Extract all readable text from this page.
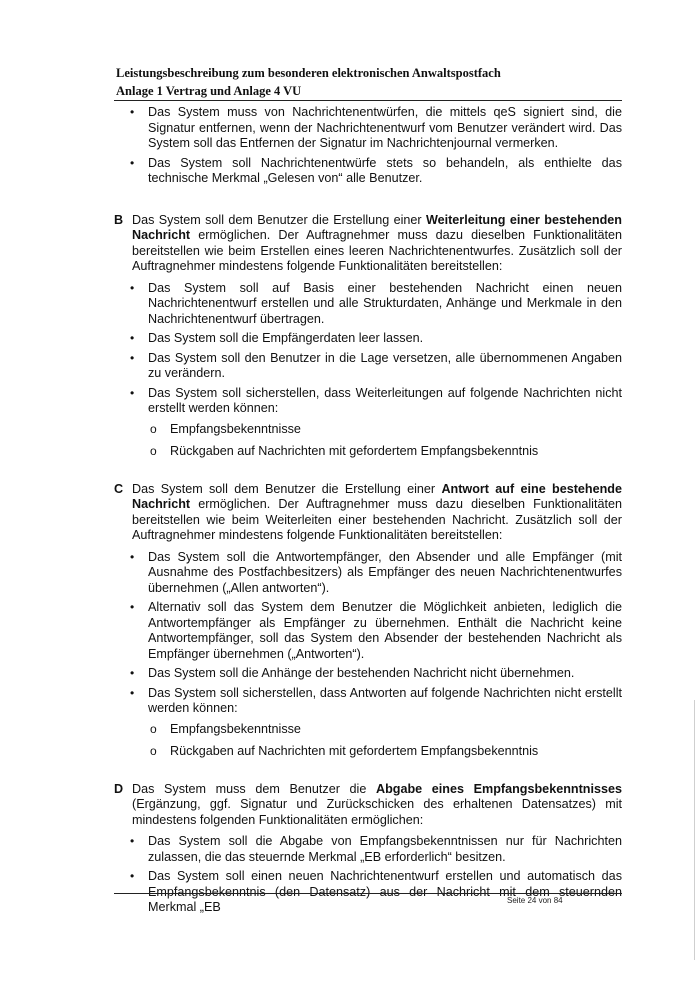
Leistungsbeschreibung zum besonderen elektronischen Anwaltspostfach
Anlage 1 Vertrag und Anlage 4 VU
•	Das System muss von Nachrichtenentwürfen, die mittels qeS signiert sind, die Signatur entfernen, wenn der Nachrichtenentwurf vom Benutzer verändert wird. Das System soll das Entfernen der Signatur im Nachrichtenjournal vermerken.
•	Das System soll Nachrichtenentwürfe stets so behandeln, als enthielte das technische Merkmal „Gelesen von“ alle Benutzer.
B Das System soll dem Benutzer die Erstellung einer Weiterleitung einer bestehenden Nachricht ermöglichen. Der Auftragnehmer muss dazu dieselben Funktionalitäten bereitstellen wie beim Erstellen eines leeren Nachrichtenentwurfes. Zusätzlich soll der Auftragnehmer mindestens folgende Funktionalitäten bereitstellen:
•	Das System soll auf Basis einer bestehenden Nachricht einen neuen Nachrichtenentwurf erstellen und alle Strukturdaten, Anhänge und Merkmale in den Nachrichtenentwurf übertragen.
•	Das System soll die Empfängerdaten leer lassen.
•	Das System soll den Benutzer in die Lage versetzen, alle übernommenen Angaben zu verändern.
•	Das System soll sicherstellen, dass Weiterleitungen auf folgende Nachrichten nicht erstellt werden können:
o Empfangsbekenntnisse
o Rückgaben auf Nachrichten mit gefordertem Empfangsbekenntnis
C Das System soll dem Benutzer die Erstellung einer Antwort auf eine bestehende Nachricht ermöglichen. Der Auftragnehmer muss dazu dieselben Funktionalitäten bereitstellen wie beim Weiterleiten einer bestehenden Nachricht. Zusätzlich soll der Auftragnehmer mindestens folgende Funktionalitäten bereitstellen:
•	Das System soll die Antwortempfänger, den Absender und alle Empfänger (mit Ausnahme des Postfachbesitzers) als Empfänger des neuen Nachrichtenentwurfes übernehmen („Allen antworten“).
•	Alternativ soll das System dem Benutzer die Möglichkeit anbieten, lediglich die Antwortempfänger als Empfänger zu übernehmen. Enthält die Nachricht keine Antwortempfänger, soll das System den Absender der bestehenden Nachricht als Empfänger übernehmen („Antworten“).
•	Das System soll die Anhänge der bestehenden Nachricht nicht übernehmen.
•	Das System soll sicherstellen, dass Antworten auf folgende Nachrichten nicht erstellt werden können:
o Empfangsbekenntnisse
o Rückgaben auf Nachrichten mit gefordertem Empfangsbekenntnis
D Das System muss dem Benutzer die Abgabe eines Empfangsbekenntnisses (Ergänzung, ggf. Signatur und Zurückschicken des erhaltenen Datensatzes) mit mindestens folgenden Funktionalitäten ermöglichen:
•	Das System soll die Abgabe von Empfangsbekenntnissen nur für Nachrichten zulassen, die das steuernde Merkmal „EB erforderlich“ besitzen.
•	Das System soll einen neuen Nachrichtenentwurf erstellen und automatisch das Empfangsbekenntnis (den Datensatz) aus der Nachricht mit dem steuernden Merkmal „EB	Seite 24 von 84
